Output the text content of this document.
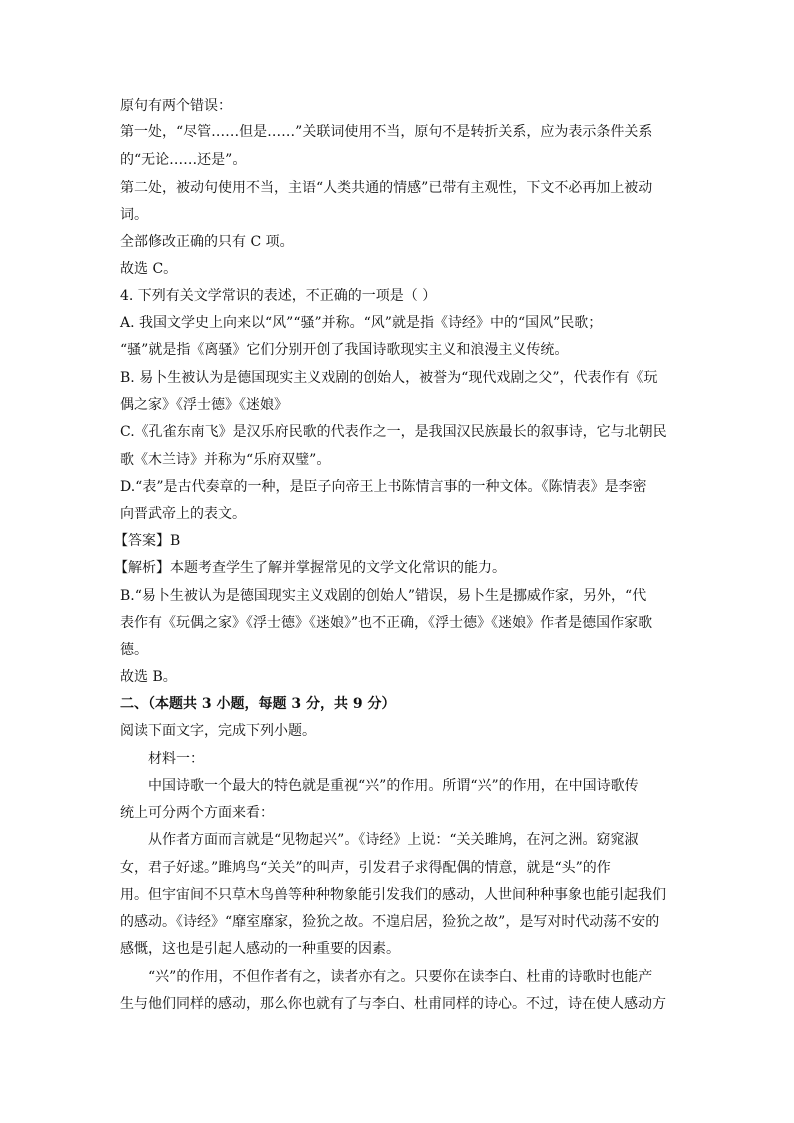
原句有两个错误：
第一处，“尽管……但是……”关联词使用不当，原句不是转折关系，应为表示条件关系
的“无论……还是”。
第二处，被动句使用不当，主语“人类共通的情感”已带有主观性，下文不必再加上被动
词。
全部修改正确的只有 C 项。
故选 C。
4. 下列有关文学常识的表述，不正确的一项是（ ）
A. 我国文学史上向来以“风”“骚”并称。“风”就是指《诗经》中的“国风”民歌；
“骚”就是指《离骚》它们分别开创了我国诗歌现实主义和浪漫主义传统。
B. 易卜生被认为是德国现实主义戏剧的创始人，被誉为“现代戏剧之父”，代表作有《玩
偶之家》《浮士德》《迷娘》
C.《孔雀东南飞》是汉乐府民歌的代表作之一，是我国汉民族最长的叙事诗，它与北朝民
歌《木兰诗》并称为“乐府双璧”。
D.“表”是古代奏章的一种，是臣子向帝王上书陈情言事的一种文体。《陈情表》是李密
向晋武帝上的表文。
【答案】B
【解析】本题考查学生了解并掌握常见的文学文化常识的能力。
B.“易卜生被认为是德国现实主义戏剧的创始人”错误，易卜生是挪威作家，另外，“代
表作有《玩偶之家》《浮士德》《迷娘》”也不正确，《浮士德》《迷娘》作者是德国作家歌
德。
故选 B。
二、（本题共 3 小题，每题 3 分，共 9 分）
阅读下面文字，完成下列小题。
材料一：
中国诗歌一个最大的特色就是重视“兴”的作用。所谓“兴”的作用，在中国诗歌传
统上可分两个方面来看：
从作者方面而言就是“见物起兴”。《诗经》上说：“关关雎鸠，在河之洲。窈窕淑
女，君子好逑。”雎鸠鸟“关关”的叫声，引发君子求得配偶的情意，就是“头”的作
用。但宇宙间不只草木鸟兽等种种物象能引发我们的感动，人世间种种事象也能引起我们
的感动。《诗经》“靡室靡家，猃狁之故。不遑启居，猃狁之故”，是写对时代动荡不安的
感慨，这也是引起人感动的一种重要的因素。
“兴”的作用，不但作者有之，读者亦有之。只要你在读李白、杜甫的诗歌时也能产
生与他们同样的感动，那么你也就有了与李白、杜甫同样的诗心。不过，诗在使人感动方
